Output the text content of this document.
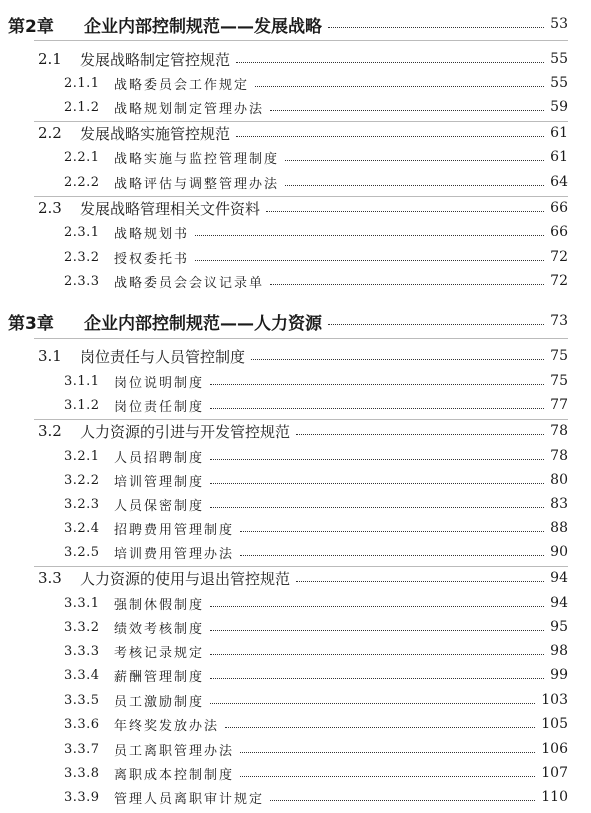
第2章	企业内部控制规范——发展战略	53
2.1	发展战略制定管控规范	55
2.1.1	战略委员会工作规定	55
2.1.2	战略规划制定管理办法	59
2.2	发展战略实施管控规范	61
2.2.1	战略实施与监控管理制度	61
2.2.2	战略评估与调整管理办法	64
2.3	发展战略管理相关文件资料	66
2.3.1	战略规划书	66
2.3.2	授权委托书	72
2.3.3	战略委员会会议记录单	72
第3章	企业内部控制规范——人力资源	73
3.1	岗位责任与人员管控制度	75
3.1.1	岗位说明制度	75
3.1.2	岗位责任制度	77
3.2	人力资源的引进与开发管控规范	78
3.2.1	人员招聘制度	78
3.2.2	培训管理制度	80
3.2.3	人员保密制度	83
3.2.4	招聘费用管理制度	88
3.2.5	培训费用管理办法	90
3.3	人力资源的使用与退出管控规范	94
3.3.1	强制休假制度	94
3.3.2	绩效考核制度	95
3.3.3	考核记录规定	98
3.3.4	薪酬管理制度	99
3.3.5	员工激励制度	103
3.3.6	年终奖发放办法	105
3.3.7	员工离职管理办法	106
3.3.8	离职成本控制制度	107
3.3.9	管理人员离职审计规定	110
